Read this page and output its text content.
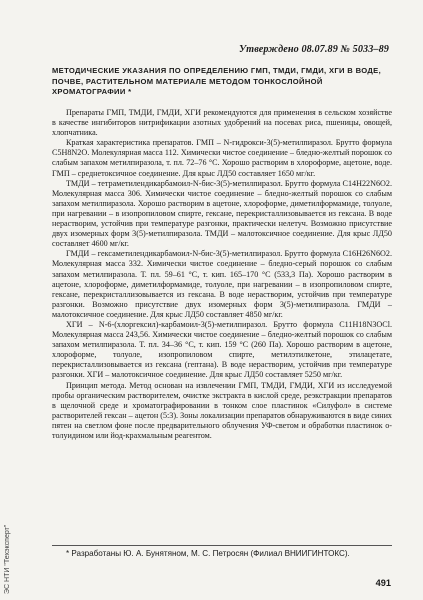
Утверждено 08.07.89 № 5033–89
МЕТОДИЧЕСКИЕ УКАЗАНИЯ ПО ОПРЕДЕЛЕНИЮ ГМП, ТМДИ, ГМДИ, ХГИ В ВОДЕ, ПОЧВЕ, РАСТИТЕЛЬНОМ МАТЕРИАЛЕ МЕТОДОМ ТОНКОСЛОЙНОЙ ХРОМАТОГРАФИИ *

Препараты ГМП, ТМДИ, ГМДИ, ХГИ рекомендуются для применения в сельском хозяйстве в качестве ингибиторов нитрификации азотных удобрений на посевах риса, пшеницы, овощей, хлопчатника.

Краткая характеристика препаратов. ГМП – N-гидрокси-3(5)-метилпиразол. Брутто формула C5H8N2O. Молекулярная масса 112. Химически чистое соединение – бледно-желтый порошок со слабым запахом метилпиразола, т. пл. 72–76 °С. Хорошо растворим в хлороформе, ацетоне, воде. ГМП – среднетоксичное соединение. Для крыс ЛД50 составляет 1650 мг/кг.

ТМДИ – тетраметилендикарбамоил-N-бис-3(5)-метилпиразол. Брутто формула C14H22N6O2. Молекулярная масса 306. Химически чистое соединение – бледно-желтый порошок со слабым запахом метилпиразола. Хорошо растворим в ацетоне, хлороформе, диметилформамиде, толуоле, при нагревании – в изопропиловом спирте, гексане, перекристаллизовывается из гексана. В воде нерастворим, устойчив при температуре разгонки, практически нелетуч. Возможно присутствие двух изомерных форм 3(5)-метилпиразола. ТМДИ – малотоксичное соединение. Для крыс ЛД50 составляет 4600 мг/кг.

ГМДИ – гексаметилендикарбамоил-N-бис-3(5)-метилпиразол. Брутто формула C16H26N6O2. Молекулярная масса 332. Химически чистое соединение – бледно-серый порошок со слабым запахом метилпиразола. Т. пл. 59–61 °С, т. кип. 165–170 °С (533,3 Па). Хорошо растворим в ацетоне, хлороформе, диметилформамиде, толуоле, при нагревании – в изопропиловом спирте, гексане, перекристаллизовывается из гексана. В воде нерастворим, устойчив при температуре разгонки. Возможно присутствие двух изомерных форм 3(5)-метилпиразола. ГМДИ – малотоксичное соединение. Для крыс ЛД50 составляет 4850 мг/кг.

ХГИ – N-6-(хлоргексил)-карбамоил-3(5)-метилпиразол. Брутто формула C11H18N3OCl. Молекулярная масса 243,56. Химически чистое соединение – бледно-желтый порошок со слабым запахом метилпиразола. Т. пл. 34–36 °С, т. кип. 159 °С (260 Па). Хорошо растворим в ацетоне, хлороформе, толуоле, изопропиловом спирте, метилэтилкетоне, этилацетате, перекристаллизовывается из гексана (гептана). В воде нерастворим, устойчив при температуре разгонки. ХГИ – малотоксичное соединение. Для крыс ЛД50 составляет 5250 мг/кг.

Принцип метода. Метод основан на извлечении ГМП, ТМДИ, ГМДИ, ХГИ из исследуемой пробы органическим растворителем, очистке экстракта в кислой среде, реэкстракции препаратов в щелочной среде и хроматографировании в тонком слое пластинок «Силуфол» в системе растворителей гексан – ацетон (5:3). Зоны локализации препаратов обнаруживаются в виде синих пятен на светлом фоне после предварительного облучения УФ-светом и обработки пластинок o-толуидином или йод-крахмальным реагентом.

* Разработаны Ю. А. Бунятяном, М. С. Петросян (Филиал ВНИИГИНТОКС).
491
ЭС НТИ "Техэксперт"
